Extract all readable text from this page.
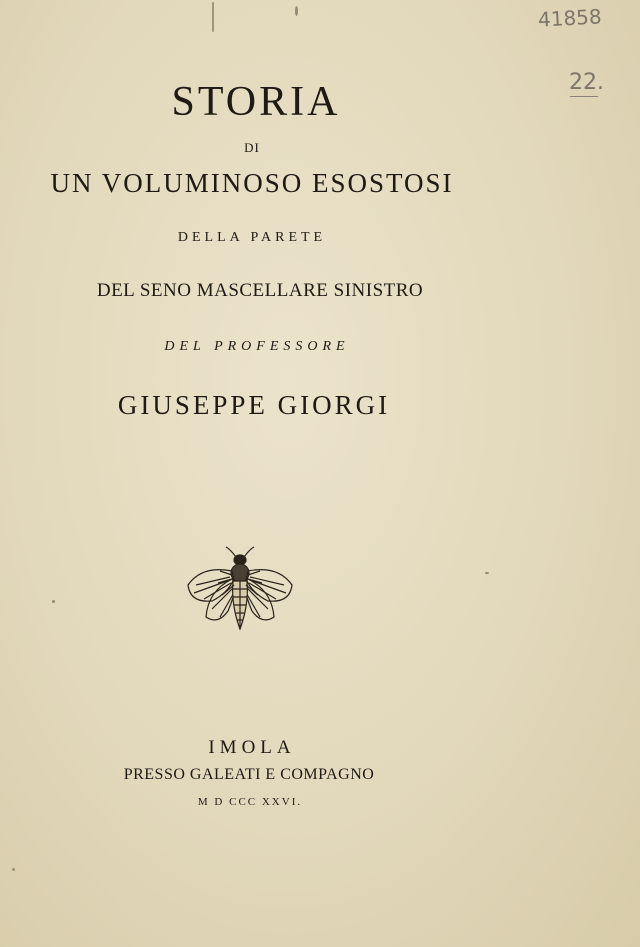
STORIA
DI
UN VOLUMINOSO ESOSTOSI
DELLA PARETE
DEL SENO MASCELLARE SINISTRO
DEL PROFESSORE
GIUSEPPE GIORGI
IMOLA
PRESSO GALEATI E COMPAGNO
M D CCC XXVI.
41858
22.
